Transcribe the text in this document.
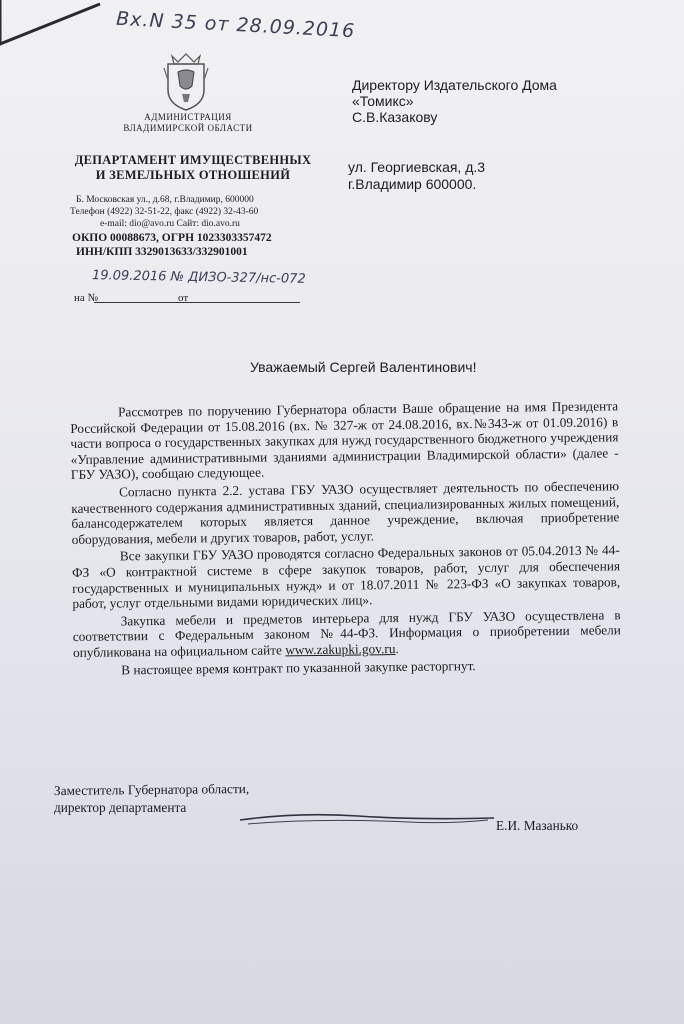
Вх.N 35 от 28.09.2016
АДМИНИСТРАЦИЯ
ВЛАДИМИРСКОЙ ОБЛАСТИ
ДЕПАРТАМЕНТ ИМУЩЕСТВЕННЫХ
И ЗЕМЕЛЬНЫХ ОТНОШЕНИЙ
Б. Московская ул., д.68, г.Владимир, 600000
Телефон (4922) 32-51-22, факс (4922) 32-43-60
e-mail: dio@avo.ru Сайт: dio.avo.ru
ОКПО 00088673, ОГРН 1023303357472
ИНН/КПП 3329013633/332901001
19.09.2016 № ДИЗО-327/нс-072
на №	от
Директору Издательского Дома
«Томикс»
С.В.Казакову
ул. Георгиевская, д.3
г.Владимир 600000.
Уважаемый Сергей Валентинович!

Рассмотрев по поручению Губернатора области Ваше обращение на имя Президента Российской Федерации от 15.08.2016 (вх. № 327-ж от 24.08.2016, вх.№343-ж от 01.09.2016) в части вопроса о государственных закупках для нужд государственного бюджетного учреждения «Управление административными зданиями администрации Владимирской области» (далее - ГБУ УАЗО), сообщаю следующее.

Согласно пункта 2.2. устава ГБУ УАЗО осуществляет деятельность по обеспечению качественного содержания административных зданий, специализированных жилых помещений, балансодержателем которых является данное учреждение, включая приобретение оборудования, мебели и других товаров, работ, услуг.

Все закупки ГБУ УАЗО проводятся согласно Федеральных законов от 05.04.2013 № 44-ФЗ «О контрактной системе в сфере закупок товаров, работ, услуг для обеспечения государственных и муниципальных нужд» и от 18.07.2011 № 223-ФЗ «О закупках товаров, работ, услуг отдельными видами юридических лиц».

Закупка мебели и предметов интерьера для нужд ГБУ УАЗО осуществлена в соответствии с Федеральным законом №44-ФЗ. Информация о приобретении мебели опубликована на официальном сайте www.zakupki.gov.ru.

В настоящее время контракт по указанной закупке расторгнут.

Заместитель Губернатора области,
директор департамента
Е.И. Мазанько
